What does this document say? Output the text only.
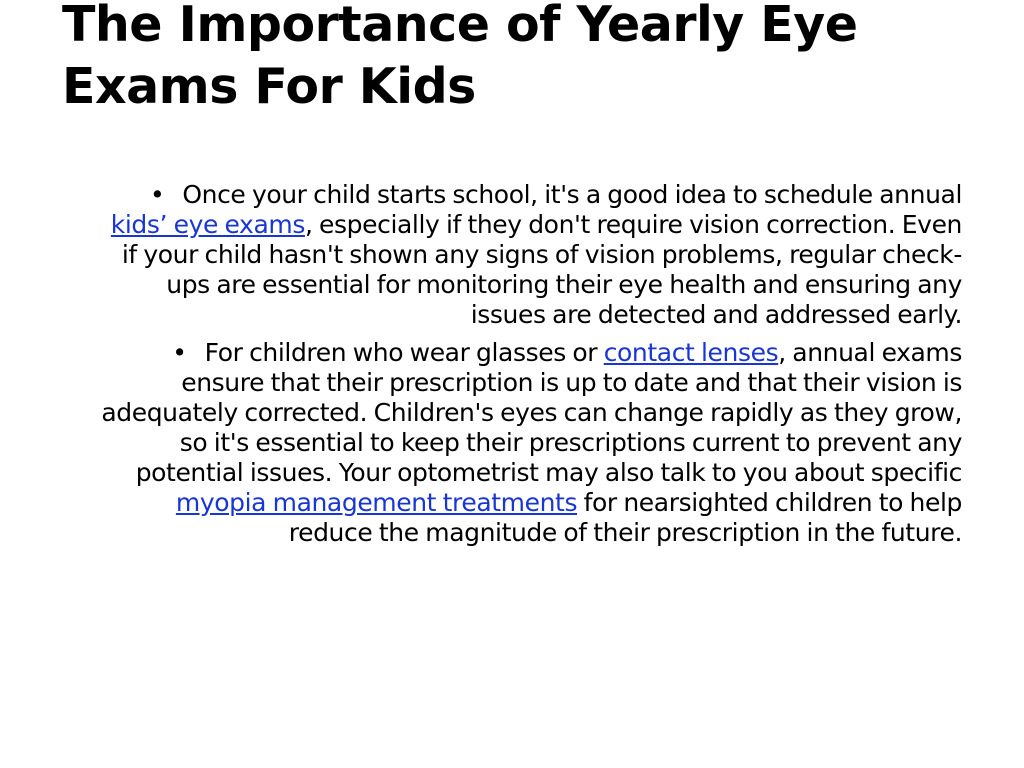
The Importance of Yearly Eye Exams For Kids
• Once your child starts school, it's a good idea to schedule annual kids’ eye exams, especially if they don't require vision correction. Even if your child hasn't shown any signs of vision problems, regular check-ups are essential for monitoring their eye health and ensuring any issues are detected and addressed early.
• For children who wear glasses or contact lenses, annual exams ensure that their prescription is up to date and that their vision is adequately corrected. Children's eyes can change rapidly as they grow, so it's essential to keep their prescriptions current to prevent any potential issues. Your optometrist may also talk to you about specific myopia management treatments for nearsighted children to help reduce the magnitude of their prescription in the future.
